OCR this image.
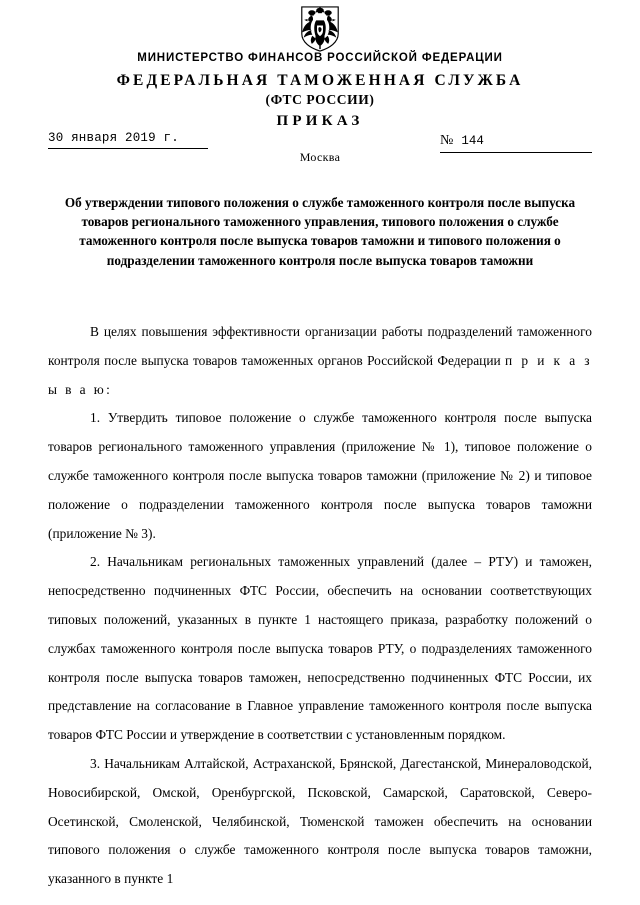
МИНИСТЕРСТВО ФИНАНСОВ РОССИЙСКОЙ ФЕДЕРАЦИИ
ФЕДЕРАЛЬНАЯ ТАМОЖЕННАЯ СЛУЖБА
(ФТС РОССИИ)
ПРИКАЗ
30 января 2019 г.	№ 144
Москва
Об утверждении типового положения о службе таможенного контроля после выпуска товаров регионального таможенного управления, типового положения о службе таможенного контроля после выпуска товаров таможни и типового положения о подразделении таможенного контроля после выпуска товаров таможни

В целях повышения эффективности организации работы подразделений таможенного контроля после выпуска товаров таможенных органов Российской Федерации п р и к а з ы в а ю:

1. Утвердить типовое положение о службе таможенного контроля после выпуска товаров регионального таможенного управления (приложение № 1), типовое положение о службе таможенного контроля после выпуска товаров таможни (приложение № 2) и типовое положение о подразделении таможенного контроля после выпуска товаров таможни (приложение № 3).

2. Начальникам региональных таможенных управлений (далее – РТУ) и таможен, непосредственно подчиненных ФТС России, обеспечить на основании соответствующих типовых положений, указанных в пункте 1 настоящего приказа, разработку положений о службах таможенного контроля после выпуска товаров РТУ, о подразделениях таможенного контроля после выпуска товаров таможен, непосредственно подчиненных ФТС России, их представление на согласование в Главное управление таможенного контроля после выпуска товаров ФТС России и утверждение в соответствии с установленным порядком.

3. Начальникам Алтайской, Астраханской, Брянской, Дагестанской, Минераловодской, Новосибирской, Омской, Оренбургской, Псковской, Самарской, Саратовской, Северо-Осетинской, Смоленской, Челябинской, Тюменской таможен обеспечить на основании типового положения о службе таможенного контроля после выпуска товаров таможни, указанного в пункте 1
